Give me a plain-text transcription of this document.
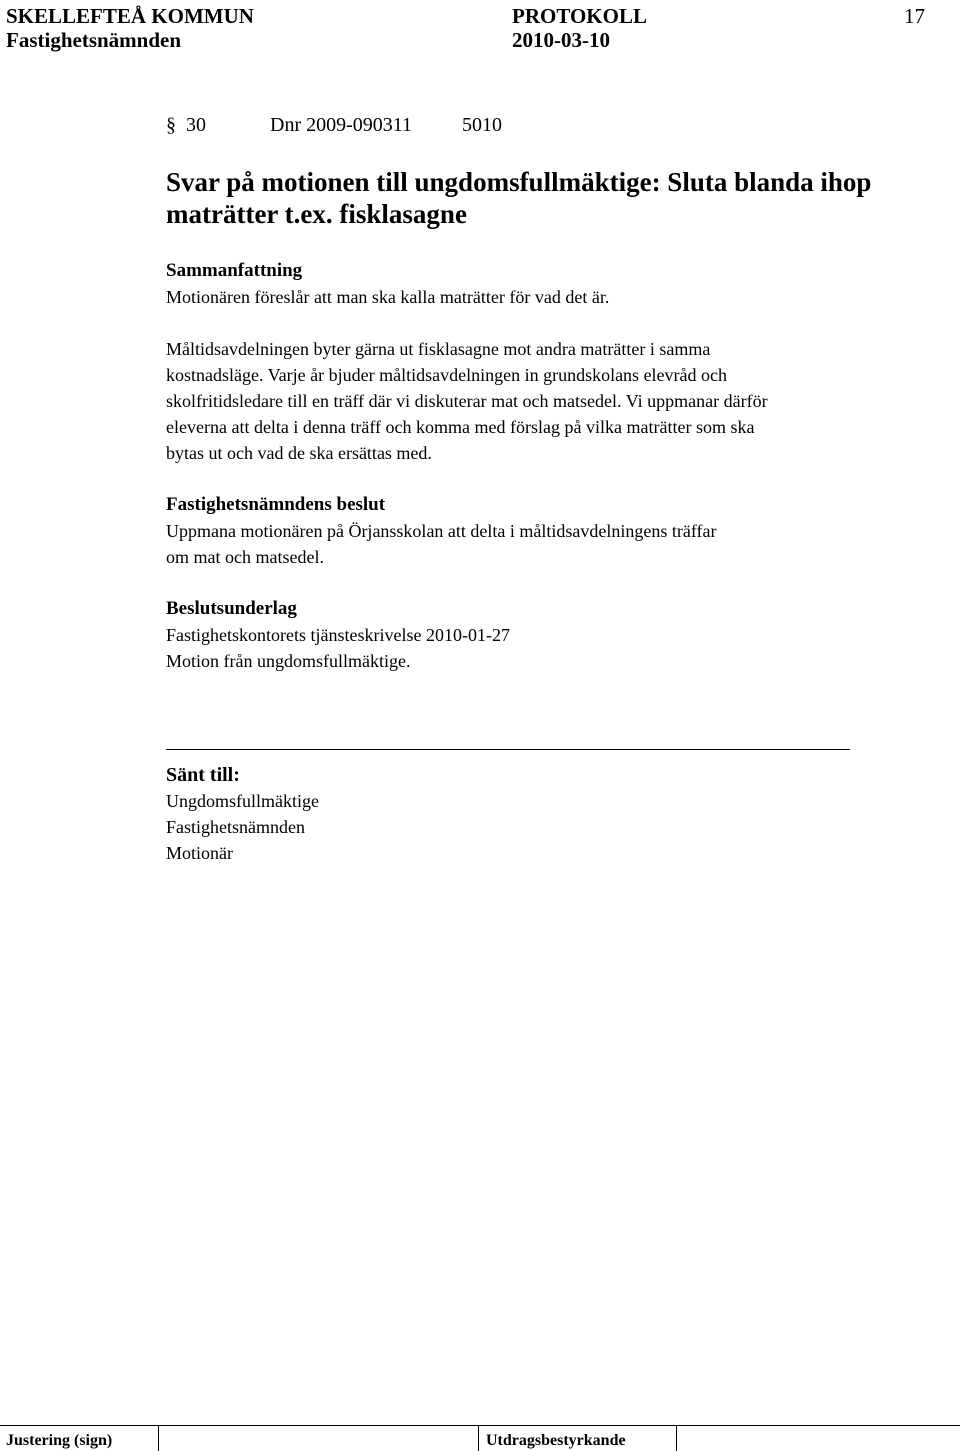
SKELLEFTEÅ KOMMUN
Fastighetsnämnden
PROTOKOLL
2010-03-10
17
§ 30	Dnr 2009-090311	5010
Svar på motionen till ungdomsfullmäktige: Sluta blanda ihop
maträtter t.ex. fisklasagne
Sammanfattning
Motionären föreslår att man ska kalla maträtter för vad det är.
Måltidsavdelningen byter gärna ut fisklasagne mot andra maträtter i samma
kostnadsläge. Varje år bjuder måltidsavdelningen in grundskolans elevråd och
skolfritidsledare till en träff där vi diskuterar mat och matsedel. Vi uppmanar därför
eleverna att delta i denna träff och komma med förslag på vilka maträtter som ska
bytas ut och vad de ska ersättas med.
Fastighetsnämndens beslut
Uppmana motionären på Örjansskolan att delta i måltidsavdelningens träffar
om mat och matsedel.
Beslutsunderlag
Fastighetskontorets tjänsteskrivelse 2010-01-27
Motion från ungdomsfullmäktige.
Sänt till:
Ungdomsfullmäktige
Fastighetsnämnden
Motionär
Justering (sign)	Utdragsbestyrkande
